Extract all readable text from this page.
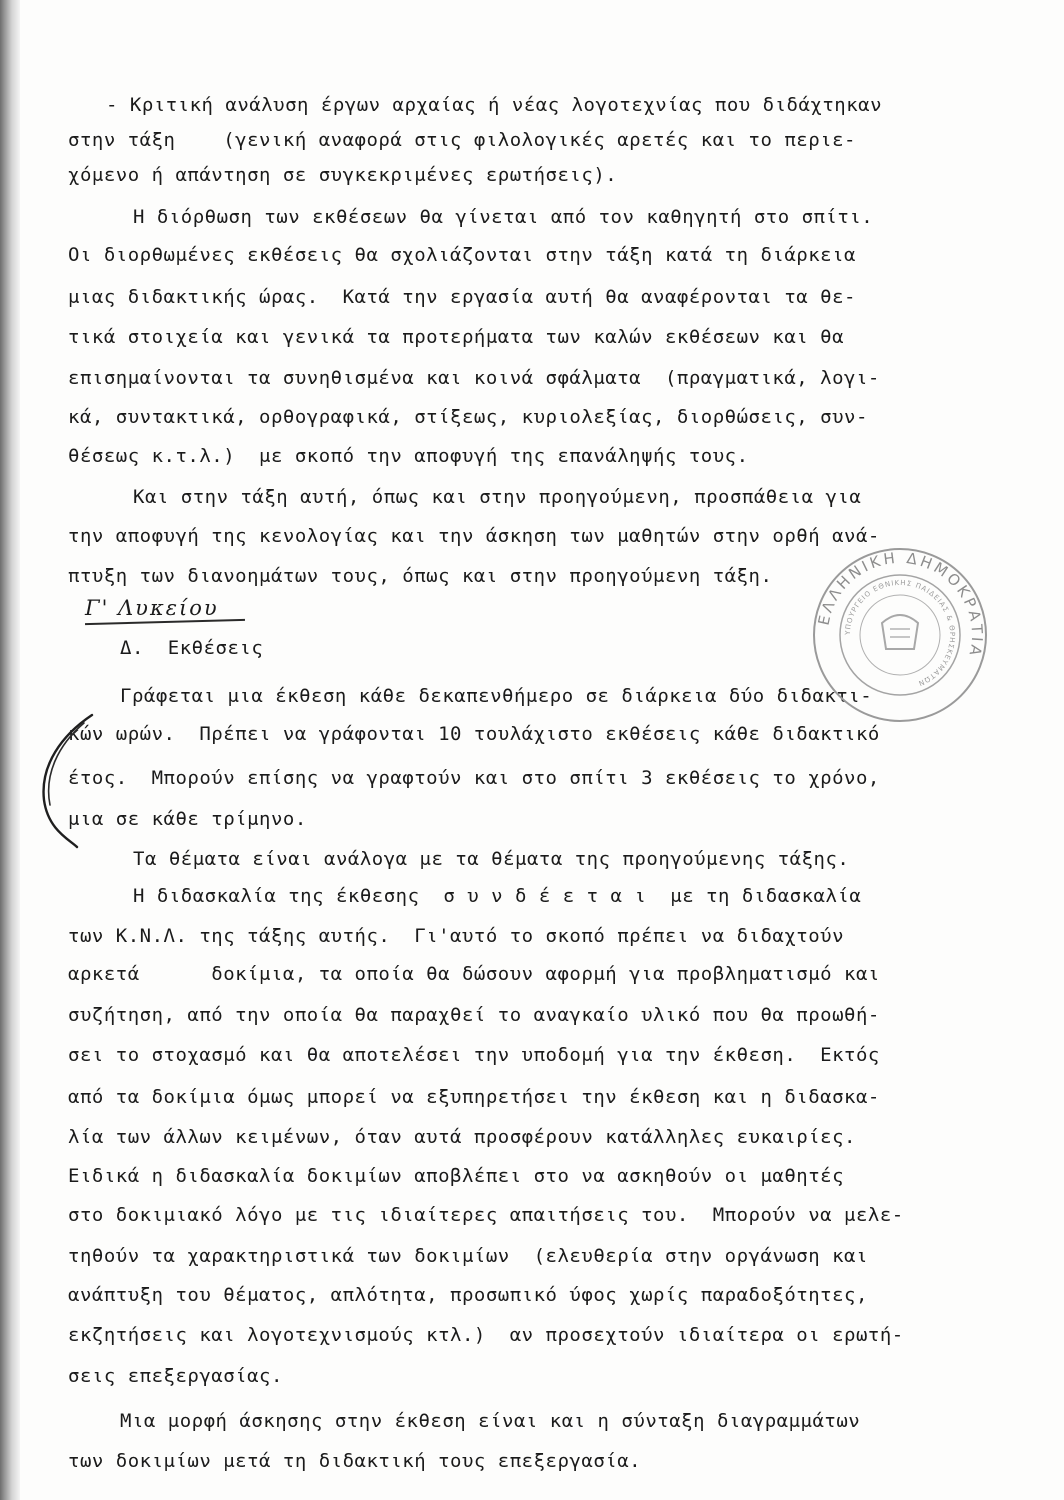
- Κριτική ανάλυση έργων αρχαίας ή νέας λογοτεχνίας που διδάχτηκαν
στην τάξη    (γενική αναφορά στις φιλολογικές αρετές και το περιε-
χόμενο ή απάντηση σε συγκεκριμένες ερωτήσεις).
Η διόρθωση των εκθέσεων θα γίνεται από τον καθηγητή στο σπίτι.
Οι διορθωμένες εκθέσεις θα σχολιάζονται στην τάξη κατά τη διάρκεια
μιας διδακτικής ώρας.  Κατά την εργασία αυτή θα αναφέρονται τα θε-
τικά στοιχεία και γενικά τα προτερήματα των καλών εκθέσεων και θα
επισημαίνονται τα συνηθισμένα και κοινά σφάλματα  (πραγματικά, λογι-
κά, συντακτικά, ορθογραφικά, στίξεως, κυριολεξίας, διορθώσεις, συν-
θέσεως κ.τ.λ.)  με σκοπό την αποφυγή της επανάληψής τους.
Και στην τάξη αυτή, όπως και στην προηγούμενη, προσπάθεια για
την αποφυγή της κενολογίας και την άσκηση των μαθητών στην ορθή ανά-
πτυξη των διανοημάτων τους, όπως και στην προηγούμενη τάξη.
Δ.  Εκθέσεις
Γράφεται μια έκθεση κάθε δεκαπενθήμερο σε διάρκεια δύο διδακτι-
κών ωρών.  Πρέπει να γράφονται 10 τουλάχιστο εκθέσεις κάθε διδακτικό
έτος.  Μπορούν επίσης να γραφτούν και στο σπίτι 3 εκθέσεις το χρόνο,
μια σε κάθε τρίμηνο.
Τα θέματα είναι ανάλογα με τα θέματα της προηγούμενης τάξης.
Η διδασκαλία της έκθεσης  σ υ ν δ έ ε τ α ι  με τη διδασκαλία
των Κ.Ν.Λ. της τάξης αυτής.  Γι'αυτό το σκοπό πρέπει να διδαχτούν
αρκετά      δοκίμια, τα οποία θα δώσουν αφορμή για προβληματισμό και
συζήτηση, από την οποία θα παραχθεί το αναγκαίο υλικό που θα προωθή-
σει το στοχασμό και θα αποτελέσει την υποδομή για την έκθεση.  Εκτός
από τα δοκίμια όμως μπορεί να εξυπηρετήσει την έκθεση και η διδασκα-
λία των άλλων κειμένων, όταν αυτά προσφέρουν κατάλληλες ευκαιρίες.
Ειδικά η διδασκαλία δοκιμίων αποβλέπει στο να ασκηθούν οι μαθητές
στο δοκιμιακό λόγο με τις ιδιαίτερες απαιτήσεις του.  Μπορούν να μελε-
τηθούν τα χαρακτηριστικά των δοκιμίων  (ελευθερία στην οργάνωση και
ανάπτυξη του θέματος, απλότητα, προσωπικό ύφος χωρίς παραδοξότητες,
εκζητήσεις και λογοτεχνισμούς κτλ.)  αν προσεχτούν ιδιαίτερα οι ερωτή-
σεις επεξεργασίας.
Μια μορφή άσκησης στην έκθεση είναι και η σύνταξη διαγραμμάτων
των δοκιμίων μετά τη διδακτική τους επεξεργασία.
Γ' Λυκείου	ΕΛΛΗΝΙΚΗ ΔΗΜΟΚΡΑΤΙΑ
ΥΠΟΥΡΓΕΙΟ ΕΘΝΙΚΗΣ ΠΑΙΔΕΙΑΣ & ΘΡΗΣΚΕΥΜΑΤΩΝ
